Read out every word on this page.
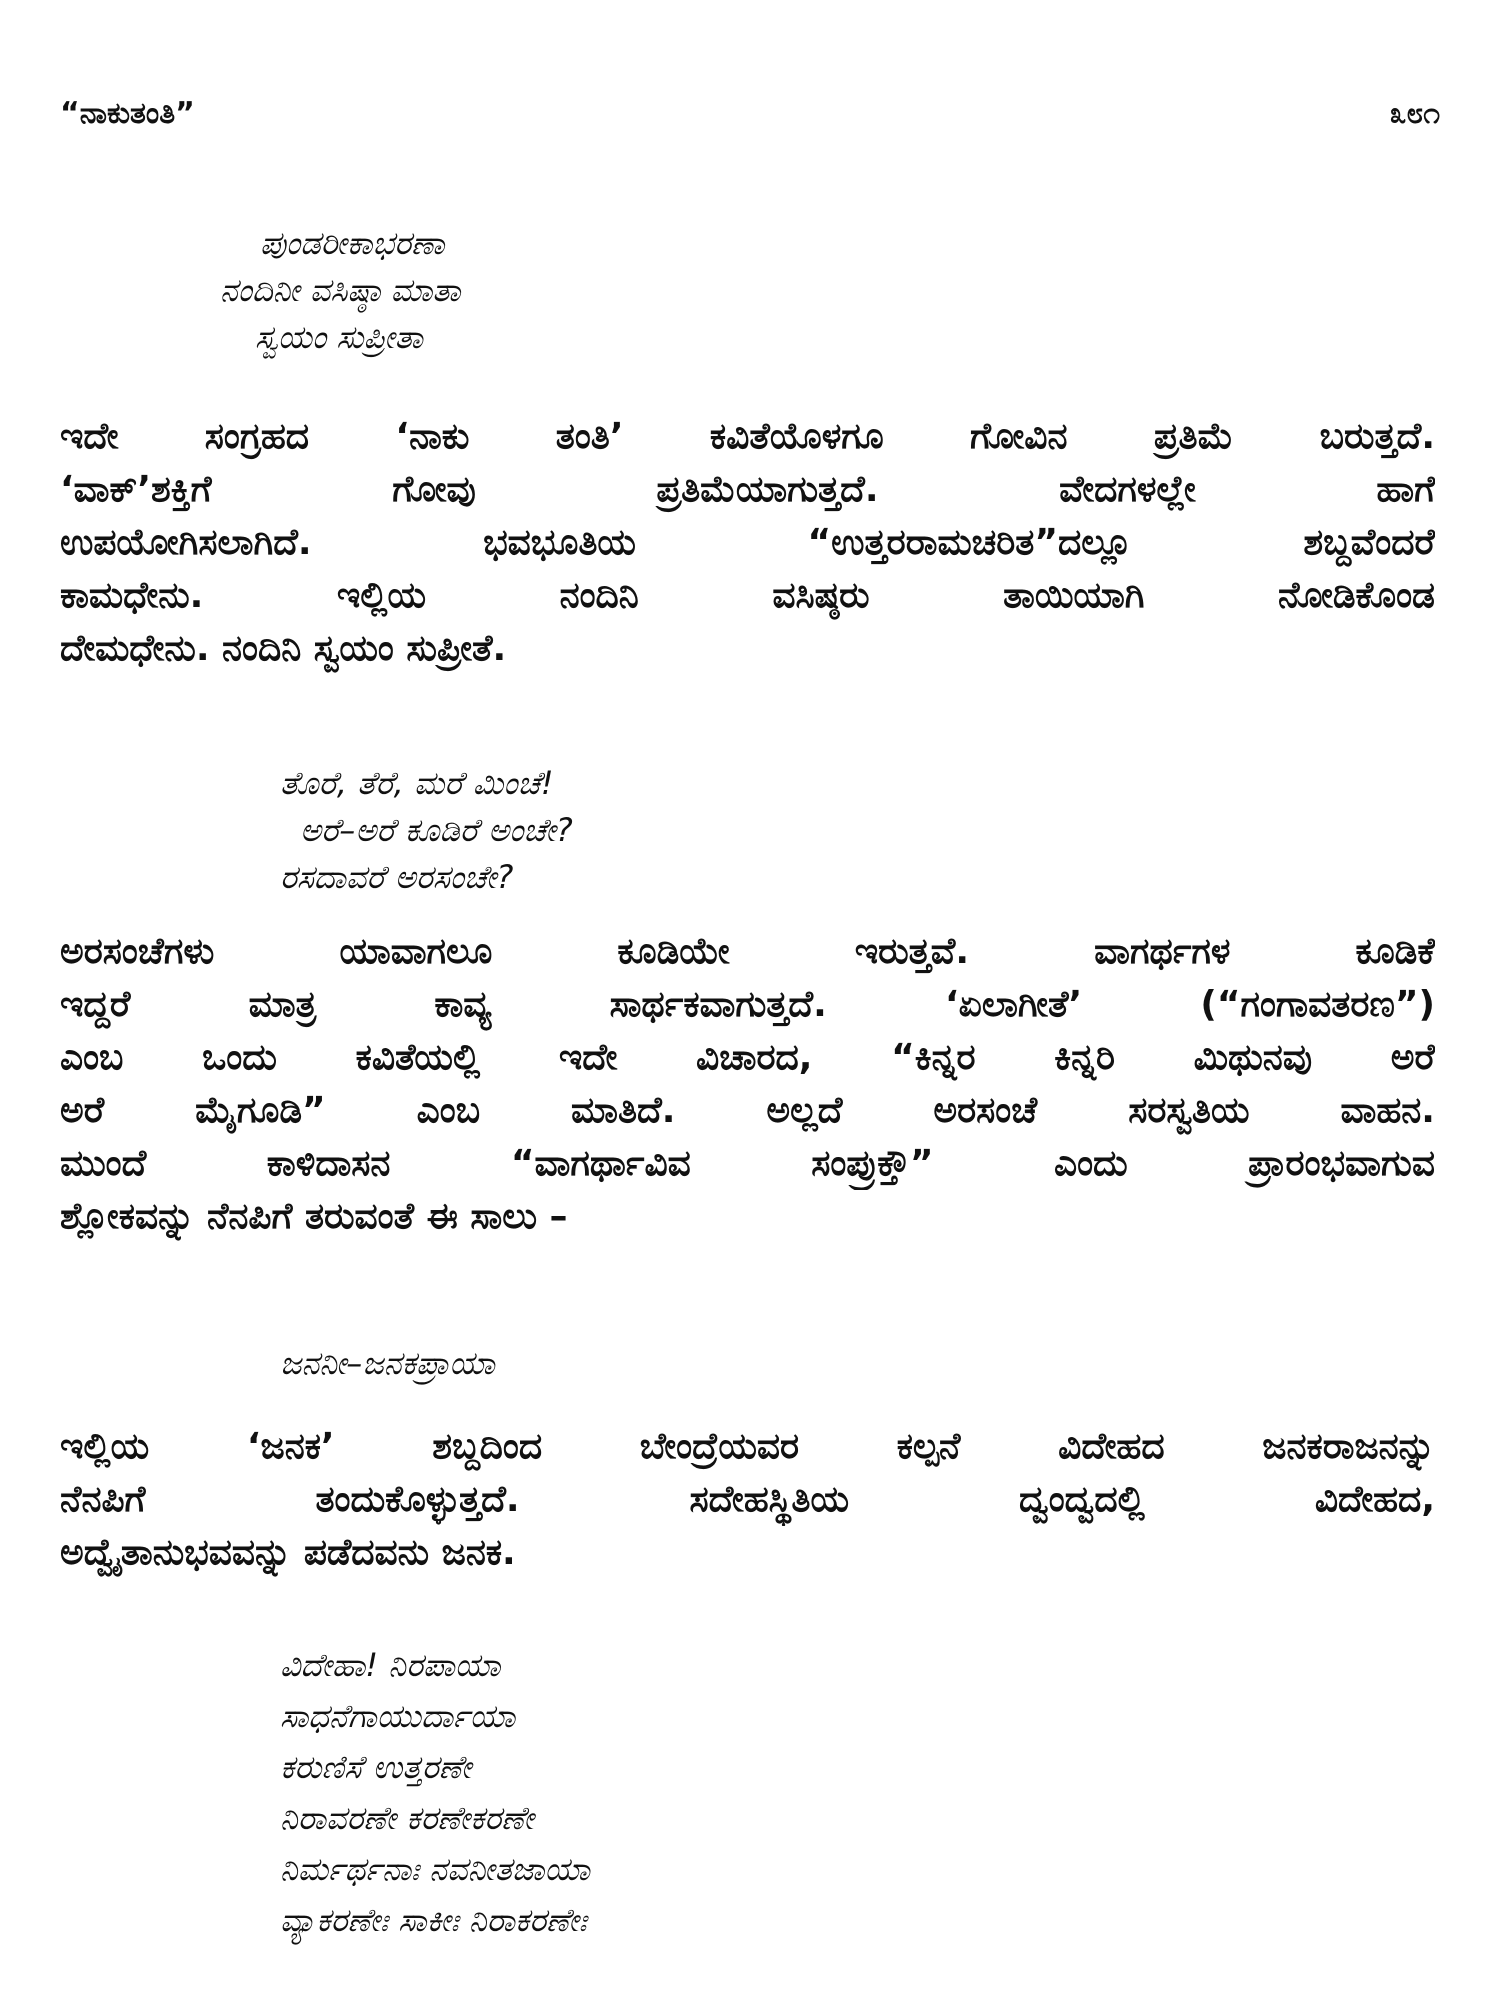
“ನಾಕುತಂತಿ”	೩೮೧
ಪುಂಡರೀಕಾಭರಣಾ
ನಂದಿನೀ ವಸಿಷ್ಠಾ ಮಾತಾ
ಸ್ವಯಂ ಸುಪ್ರೀತಾ
ಇದೇ ಸಂಗ್ರಹದ ‘ನಾಕು ತಂತಿ’ ಕವಿತೆಯೊಳಗೂ ಗೋವಿನ ಪ್ರತಿಮೆ ಬರುತ್ತದೆ.
‘ವಾಕ್’ಶಕ್ತಿಗೆ ಗೋವು ಪ್ರತಿಮೆಯಾಗುತ್ತದೆ. ವೇದಗಳಲ್ಲೇ ಹಾಗೆ
ಉಪಯೋಗಿಸಲಾಗಿದೆ. ಭವಭೂತಿಯ “ಉತ್ತರರಾಮಚರಿತ”ದಲ್ಲೂ ಶಬ್ದವೆಂದರೆ
ಕಾಮಧೇನು. ಇಲ್ಲಿಯ ನಂದಿನಿ ವಸಿಷ್ಠರು ತಾಯಿಯಾಗಿ ನೋಡಿಕೊಂಡ
ದೇಮಧೇನು. ನಂದಿನಿ ಸ್ವಯಂ ಸುಪ್ರೀತೆ.
ತೊರೆ, ತೆರೆ, ಮರೆ ಮಿಂಚೆ!
ಅರೆ–ಅರೆ ಕೂಡಿರೆ ಅಂಚೇ?
ರಸದಾವರೆ ಅರಸಂಚೇ?
ಅರಸಂಚೆಗಳು ಯಾವಾಗಲೂ ಕೂಡಿಯೇ ಇರುತ್ತವೆ. ವಾಗರ್ಥಗಳ ಕೂಡಿಕೆ
ಇದ್ದರೆ ಮಾತ್ರ ಕಾವ್ಯ ಸಾರ್ಥಕವಾಗುತ್ತದೆ. ‘ಏಲಾಗೀತೆ’ (“ಗಂಗಾವತರಣ”)
ಎಂಬ ಒಂದು ಕವಿತೆಯಲ್ಲಿ ಇದೇ ವಿಚಾರದ, “ಕಿನ್ನರ ಕಿನ್ನರಿ ಮಿಥುನವು ಅರೆ
ಅರೆ ಮೈಗೂಡಿ” ಎಂಬ ಮಾತಿದೆ. ಅಲ್ಲದೆ ಅರಸಂಚೆ ಸರಸ್ವತಿಯ ವಾಹನ.
ಮುಂದೆ ಕಾಳಿದಾಸನ “ವಾಗರ್ಥಾವಿವ ಸಂಪ್ರುಕ್ತೌ” ಎಂದು ಪ್ರಾರಂಭವಾಗುವ
ಶ್ಲೋಕವನ್ನು ನೆನಪಿಗೆ ತರುವಂತೆ ಈ ಸಾಲು –
ಜನನೀ–ಜನಕಪ್ರಾಯಾ
ಇಲ್ಲಿಯ ‘ಜನಕ’ ಶಬ್ದದಿಂದ ಬೇಂದ್ರೆಯವರ ಕಲ್ಪನೆ ವಿದೇಹದ ಜನಕರಾಜನನ್ನು
ನೆನಪಿಗೆ ತಂದುಕೊಳ್ಳುತ್ತದೆ. ಸದೇಹಸ್ಥಿತಿಯ ದ್ವಂದ್ವದಲ್ಲಿ ವಿದೇಹದ,
ಅದ್ವೈತಾನುಭವವನ್ನು ಪಡೆದವನು ಜನಕ.
ವಿದೇಹಾ! ನಿರಪಾಯಾ
ಸಾಧನೆಗಾಯುರ್ದಾಯಾ
ಕರುಣಿಸೆ ಉತ್ತರಣೇ
ನಿರಾವರಣೇ ಕರಣೇಕರಣೇ
ನಿರ್ಮರ್ಥನಾಃ ನವನೀತಜಾಯಾ
ವ್ಯಾಕರಣೇಃ ಸಾಕೀಃ ನಿರಾಕರಣೇಃ
